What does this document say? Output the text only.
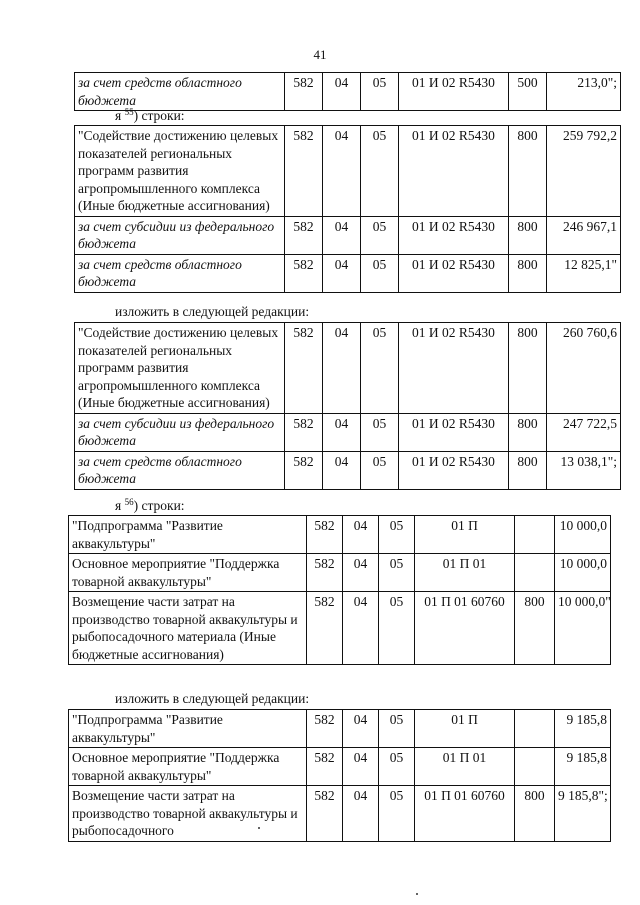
41
за счет средств областного бюджета	582	04	05	01 И 02 R5430	500	213,0";
я $^{55}$) строки:
"Содействие достижению целевых показателей региональных программ развития агропромышленного комплекса (Иные бюджетные ассигнования)	582	04	05	01 И 02 R5430	800	259 792,2
за счет субсидии из федерального бюджета	582	04	05	01 И 02 R5430	800	246 967,1
за счет средств областного бюджета	582	04	05	01 И 02 R5430	800	12 825,1"
изложить в следующей редакции:
"Содействие достижению целевых показателей региональных программ развития агропромышленного комплекса (Иные бюджетные ассигнования)	582	04	05	01 И 02 R5430	800	260 760,6
за счет субсидии из федерального бюджета	582	04	05	01 И 02 R5430	800	247 722,5
за счет средств областного бюджета	582	04	05	01 И 02 R5430	800	13 038,1";
я $^{56}$) строки:
"Подпрограмма "Развитие аквакультуры"	582	04	05	01 П		10 000,0
Основное мероприятие "Поддержка товарной аквакультуры"	582	04	05	01 П 01		10 000,0
Возмещение части затрат на производство товарной аквакультуры и рыбопосадочного материала (Иные бюджетные ассигнования)	582	04	05	01 П 01 60760	800	10 000,0"
изложить в следующей редакции:
"Подпрограмма "Развитие аквакультуры"	582	04	05	01 П		9 185,8
Основное мероприятие "Поддержка товарной аквакультуры"	582	04	05	01 П 01		9 185,8
Возмещение части затрат на производство товарной аквакультуры и рыбопосадочного	582	04	05	01 П 01 60760	800	9 185,8";
